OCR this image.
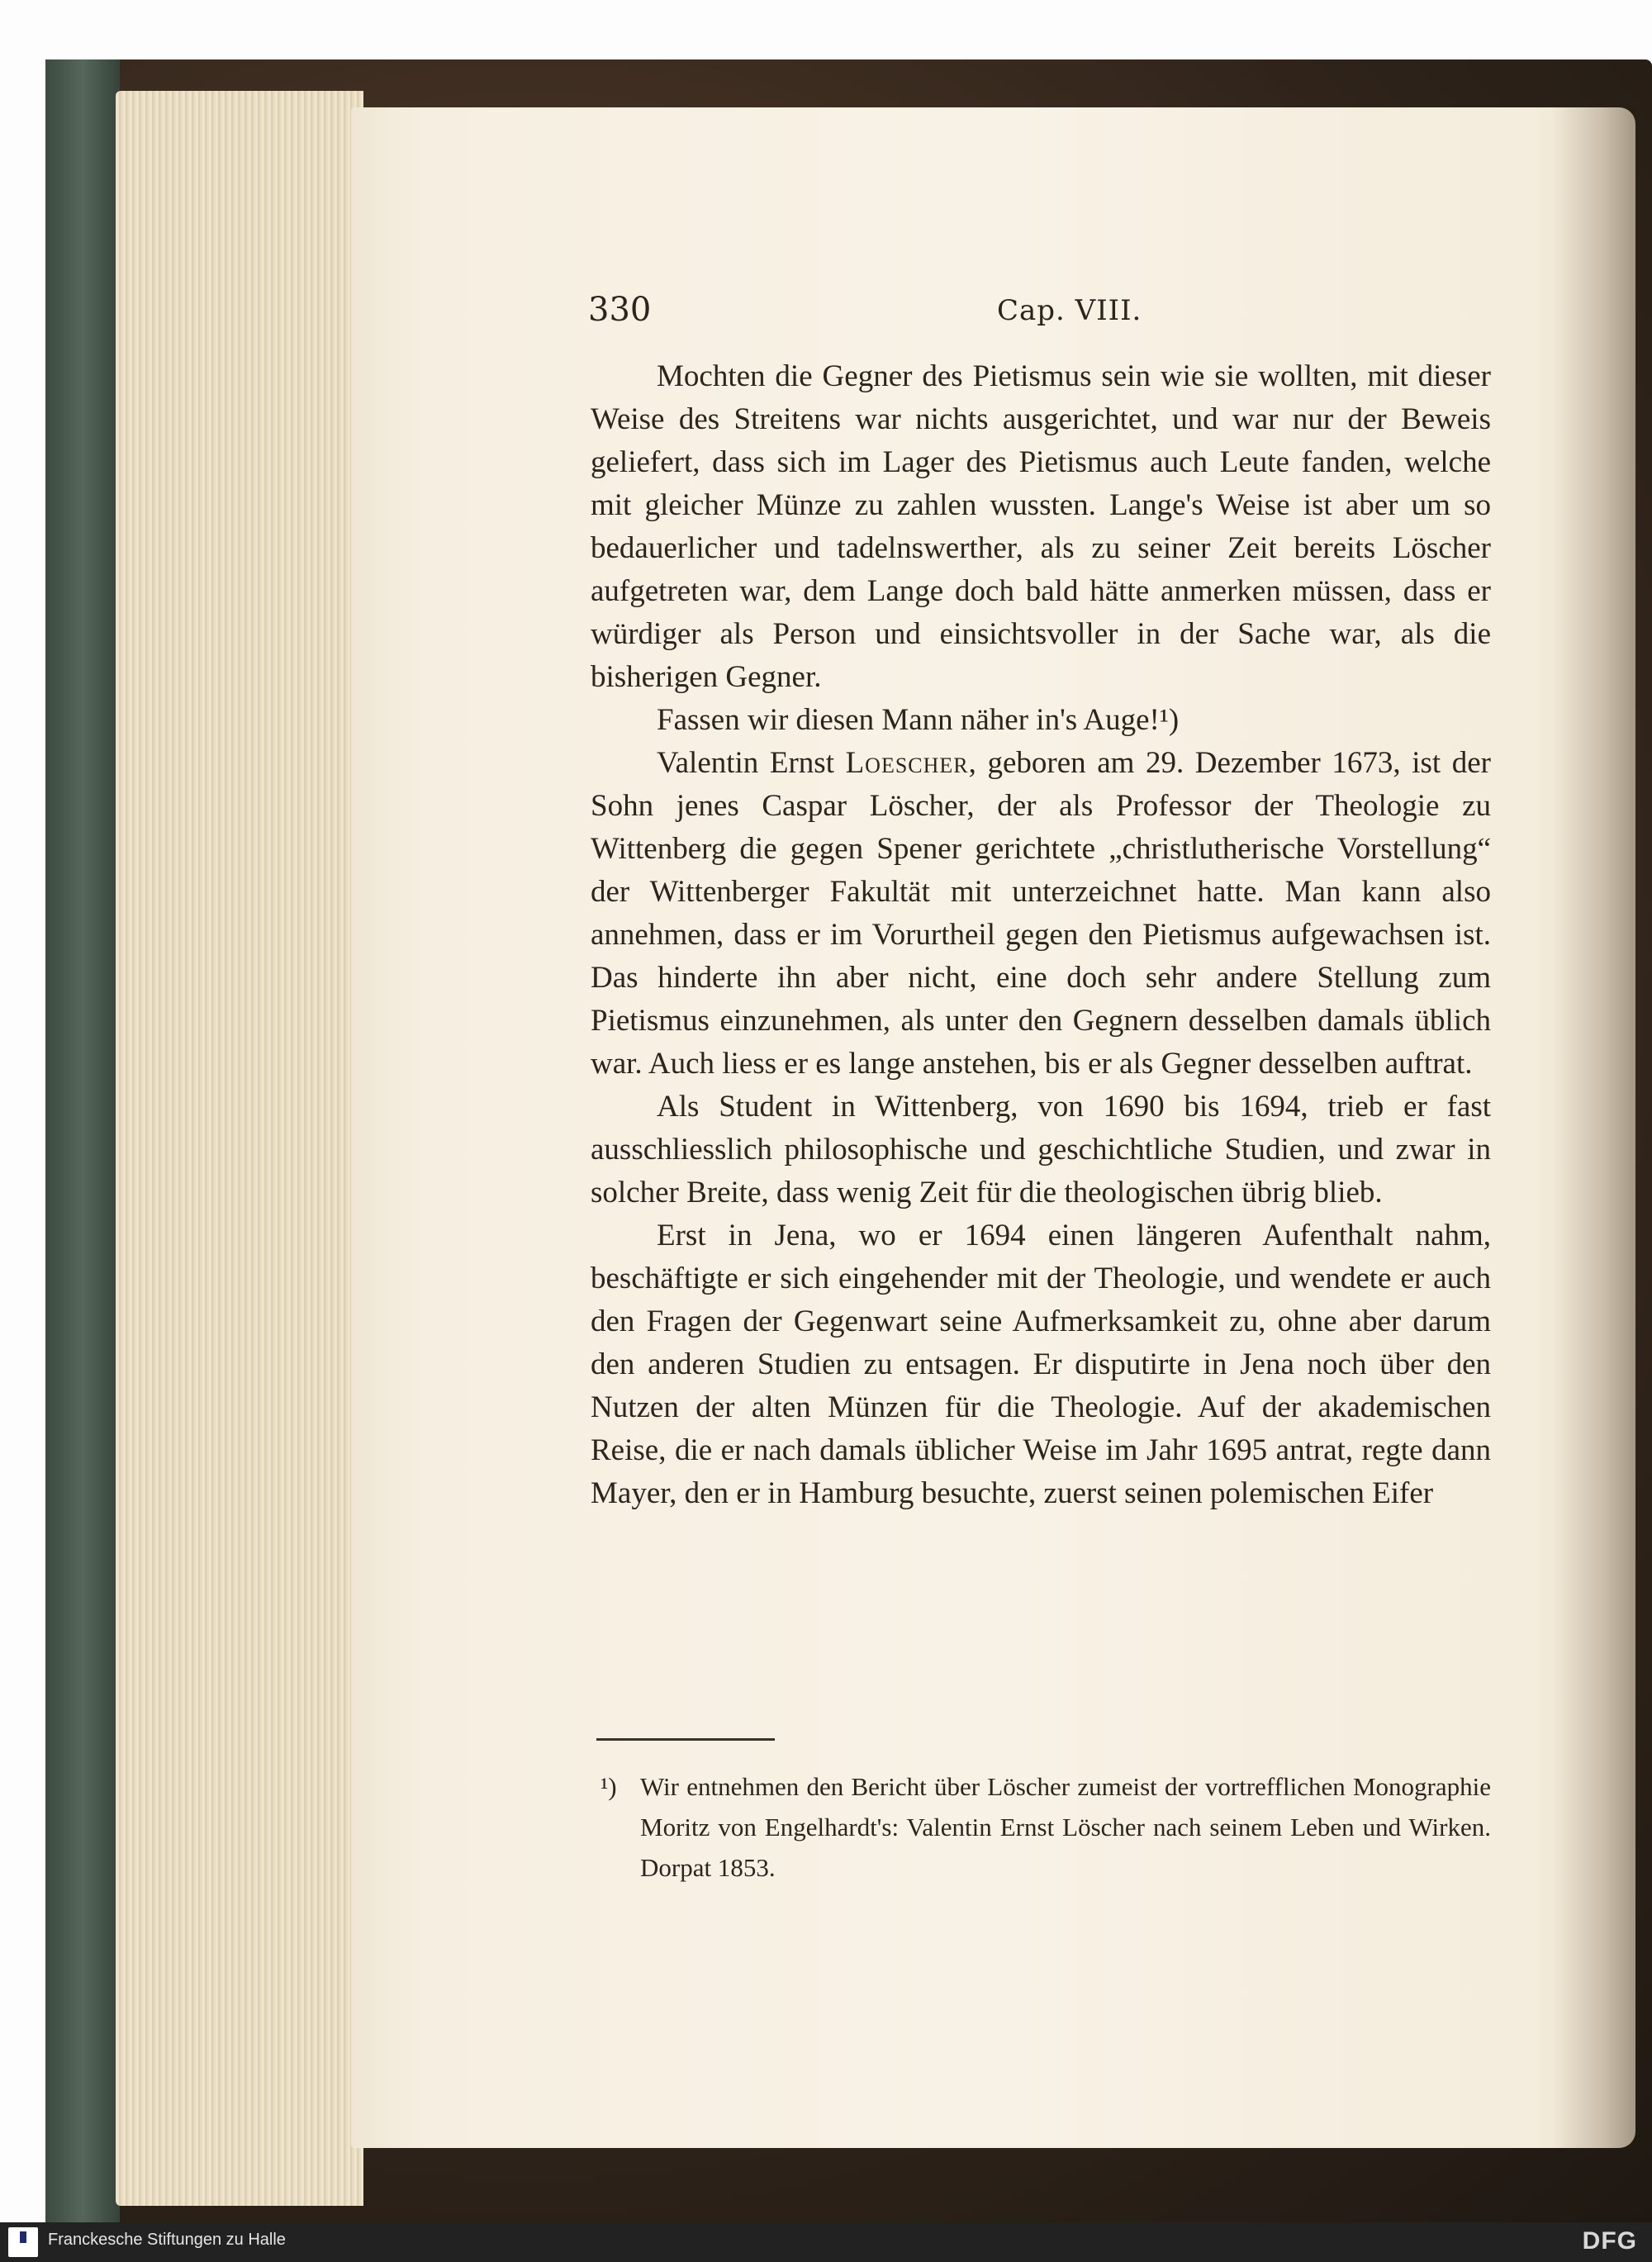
330	Cap. VIII.

Mochten die Gegner des Pietismus sein wie sie wollten, mit dieser Weise des Streitens war nichts ausgerichtet, und war nur der Beweis geliefert, dass sich im Lager des Pietismus auch Leute fanden, welche mit gleicher Münze zu zahlen wussten. Lange's Weise ist aber um so bedauerlicher und tadelnswerther, als zu seiner Zeit bereits Löscher aufgetreten war, dem Lange doch bald hätte anmerken müssen, dass er würdiger als Person und einsichtsvoller in der Sache war, als die bisherigen Gegner.

Fassen wir diesen Mann näher in's Auge!¹)

Valentin Ernst Loescher, geboren am 29. Dezember 1673, ist der Sohn jenes Caspar Löscher, der als Professor der Theologie zu Wittenberg die gegen Spener gerichtete „christlutherische Vorstellung“ der Wittenberger Fakultät mit unterzeichnet hatte. Man kann also annehmen, dass er im Vorurtheil gegen den Pietismus aufgewachsen ist. Das hinderte ihn aber nicht, eine doch sehr andere Stellung zum Pietismus einzunehmen, als unter den Gegnern desselben damals üblich war. Auch liess er es lange anstehen, bis er als Gegner desselben auftrat.

Als Student in Wittenberg, von 1690 bis 1694, trieb er fast ausschliesslich philosophische und geschichtliche Studien, und zwar in solcher Breite, dass wenig Zeit für die theologischen übrig blieb.

Erst in Jena, wo er 1694 einen längeren Aufenthalt nahm, beschäftigte er sich eingehender mit der Theologie, und wendete er auch den Fragen der Gegenwart seine Aufmerksamkeit zu, ohne aber darum den anderen Studien zu entsagen. Er disputirte in Jena noch über den Nutzen der alten Münzen für die Theologie. Auf der akademischen Reise, die er nach damals üblicher Weise im Jahr 1695 antrat, regte dann Mayer, den er in Hamburg besuchte, zuerst seinen polemischen Eifer

¹) Wir entnehmen den Bericht über Löscher zumeist der vortrefflichen Monographie Moritz von Engelhardt's: Valentin Ernst Löscher nach seinem Leben und Wirken. Dorpat 1853.
Franckesche Stiftungen zu Halle	DFG
